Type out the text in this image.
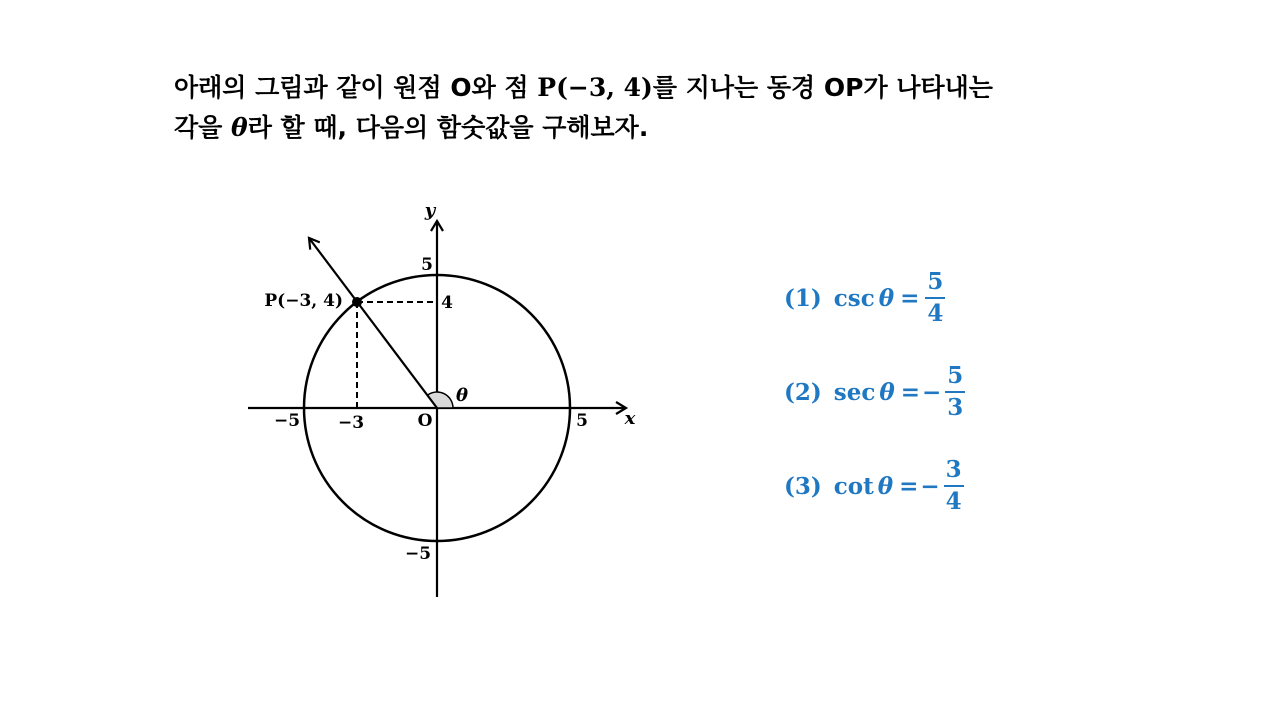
아래의 그림과 같이 원점 O와 점 P(−3, 4)를 지나는 동경 OP가 나타내는
각을 θ라 할 때, 다음의 함숫값을 구해보자.
y
x
P(−3, 4)
5
4
−5 −3	O	5
−5
θ
(1) $\csc \theta = \frac{5}{4}$
(2) sec θ = − $\frac{5}{3}$
(3) cot θ = − $\frac{3}{4}$
